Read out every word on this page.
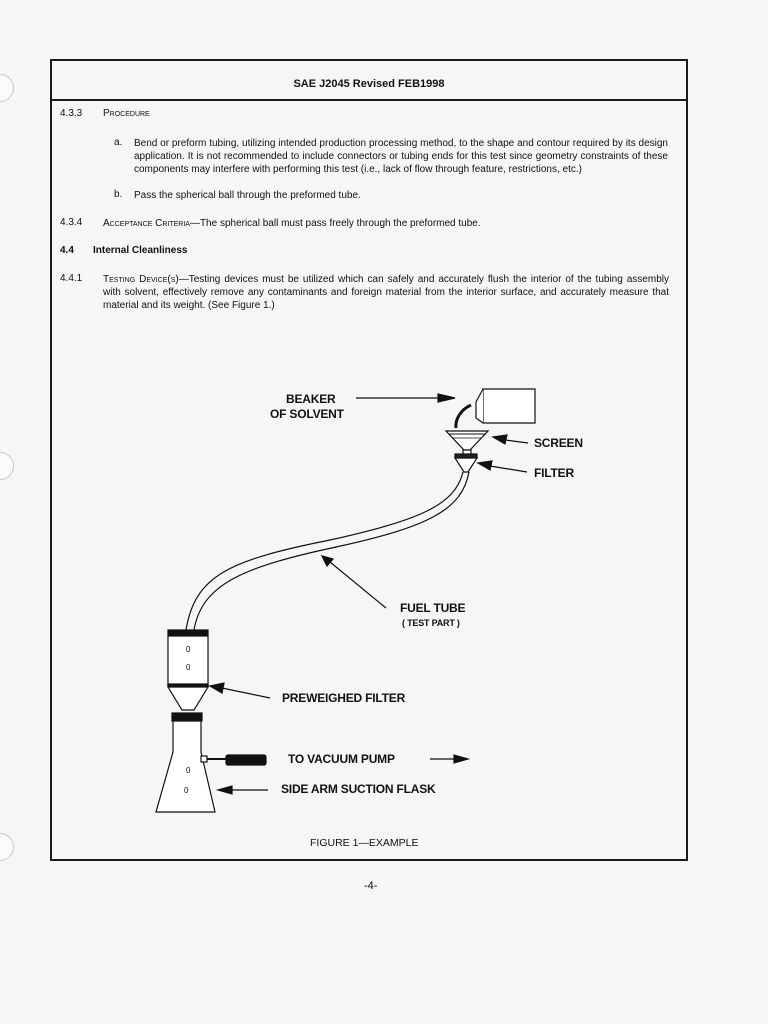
SAE J2045 Revised FEB1998
4.3.3 Procedure
a. Bend or preform tubing, utilizing intended production processing method, to the shape and contour required by its design application. It is not recommended to include connectors or tubing ends for this test since geometry constraints of these components may interfere with performing this test (i.e., lack of flow through feature, restrictions, etc.)
b. Pass the spherical ball through the preformed tube.
4.3.4 Acceptance Criteria—The spherical ball must pass freely through the preformed tube.
4.4 Internal Cleanliness
4.4.1 Testing Device(s)—Testing devices must be utilized which can safely and accurately flush the interior of the tubing assembly with solvent, effectively remove any contaminants and foreign material from the interior surface, and accurately measure that material and its weight. (See Figure 1.)
0
0
0
0
BEAKER
OF SOLVENT
SCREEN
FILTER
FUEL TUBE
( TEST PART )
PREWEIGHED FILTER
TO VACUUM PUMP
SIDE ARM SUCTION FLASK
FIGURE 1—EXAMPLE
-4-
